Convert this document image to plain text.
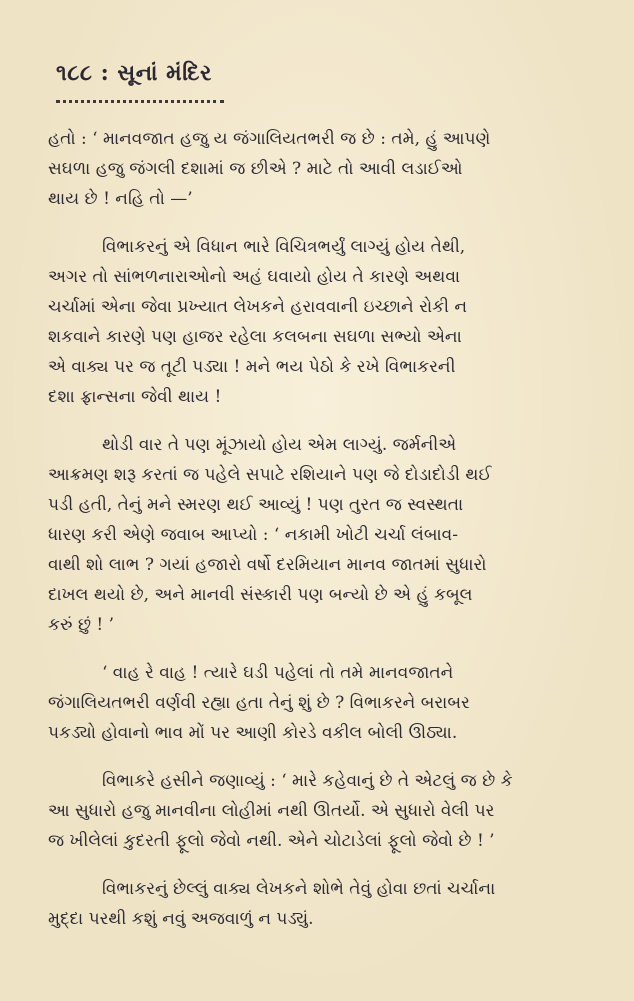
૧૮૮ : સૂનાં મંદિર

હતો : ‘ માનવજાત હજુ ય જંગાલિયતભરી જ છે : તમે, હું આપણે
સઘળા હજુ જંગલી દશામાં જ છીએ ? માટે તો આવી લડાઈઓ
થાય છે ! નહિ તો —’

વિભાકરનું એ વિધાન ભારે વિચિત્રભર્યું લાગ્યું હોય તેથી,
અગર તો સાંભળનારાઓનો અહં ઘવાયો હોય તે કારણે અથવા
ચર્ચામાં એના જેવા પ્રખ્યાત લેખકને હરાવવાની ઇચ્છાને રોકી ન
શકવાને કારણે પણ હાજર રહેલા કલબના સઘળા સભ્યો એના
એ વાક્ય પર જ તૂટી પડ્યા ! મને ભય પેઠો કે રખે વિભાકરની
દશા ફ્રાન્સના જેવી થાય !

થોડી વાર તે પણ મૂંઝાયો હોય એમ લાગ્યું. જર્મનીએ
આક્રમણ શરૂ કરતાં જ પહેલે સપાટે રશિયાને પણ જે દોડાદોડી થઈ
પડી હતી, તેનું મને સ્મરણ થઈ આવ્યું ! પણ તુરત જ સ્વસ્થતા
ધારણ કરી એણે જવાબ આપ્યો : ‘ નકામી ખોટી ચર્ચા લંબાવ-
વાથી શો લાભ ? ગયાં હજારો વર્ષો દરમિયાન માનવ જાતમાં સુધારો
દાખલ થયો છે, અને માનવી સંસ્કારી પણ બન્યો છે એ હું કબૂલ
કરું છું ! ’

‘ વાહ રે વાહ ! ત્યારે ઘડી પહેલાં તો તમે માનવજાતને
જંગાલિયતભરી વર્ણવી રહ્યા હતા તેનું શું છે ? વિભાકરને બરાબર
પકડ્યો હોવાનો ભાવ મોં પર આણી કોરડે વકીલ બોલી ઊઠ્યા.

વિભાકરે હસીને જણાવ્યું : ‘ મારે કહેવાનું છે તે એટલું જ છે કે
આ સુધારો હજુ માનવીના લોહીમાં નથી ઊતર્યો. એ સુધારો વેલી પર
જ ખીલેલાં કુદરતી ફૂલો જેવો નથી. એને ચોટાડેલાં ફૂલો જેવો છે ! ’

વિભાકરનું છેલ્લું વાક્ય લેખકને શોભે તેવું હોવા છતાં ચર્ચાના
મુદ્દા પરથી કશું નવું અજવાળું ન પડ્યું.
